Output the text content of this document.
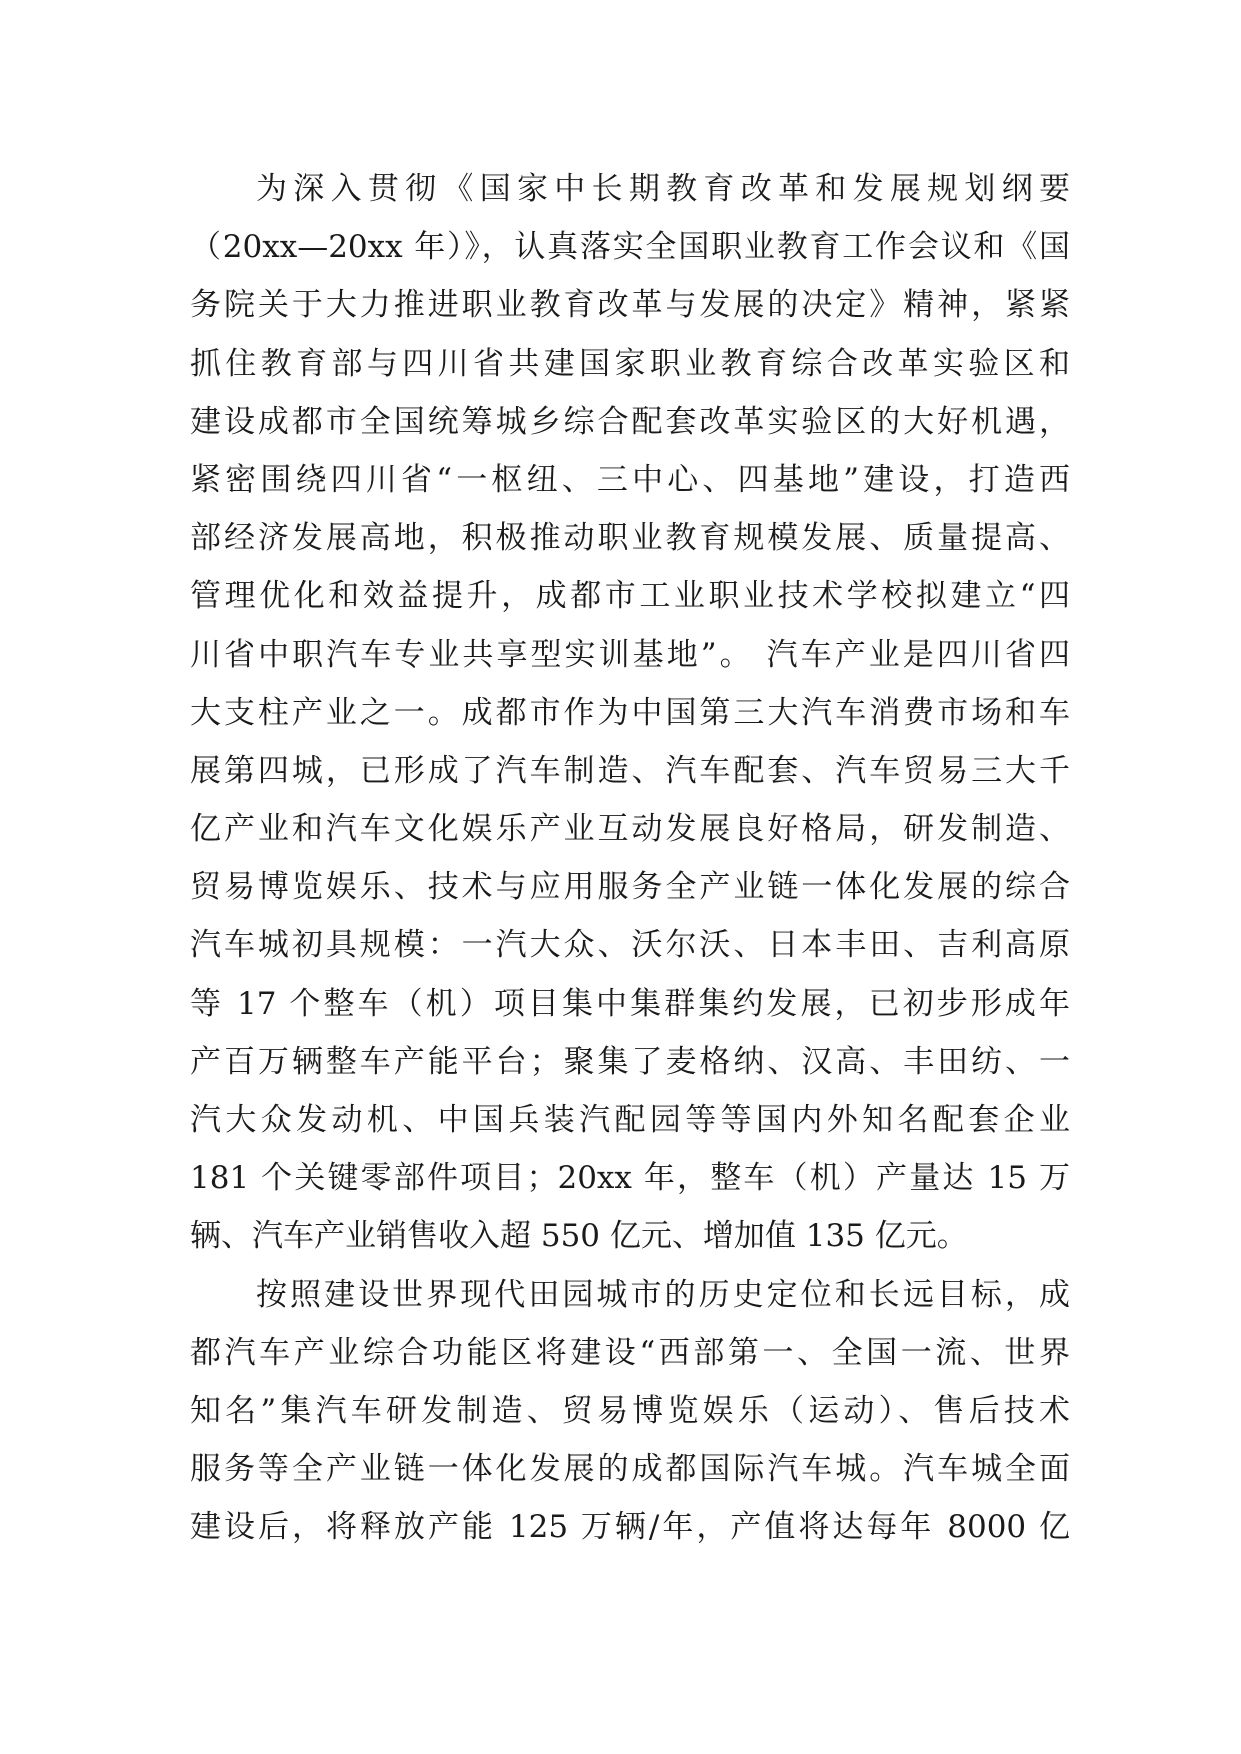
为深入贯彻《国家中长期教育改革和发展规划纲要
（20xx—20xx 年）》，认真落实全国职业教育工作会议和《国
务院关于大力推进职业教育改革与发展的决定》精神，紧紧
抓住教育部与四川省共建国家职业教育综合改革实验区和
建设成都市全国统筹城乡综合配套改革实验区的大好机遇，
紧密围绕四川省“一枢纽、三中心、四基地”建设，打造西
部经济发展高地，积极推动职业教育规模发展、质量提高、
管理优化和效益提升，成都市工业职业技术学校拟建立“四
川省中职汽车专业共享型实训基地”。 汽车产业是四川省四
大支柱产业之一。成都市作为中国第三大汽车消费市场和车
展第四城，已形成了汽车制造、汽车配套、汽车贸易三大千
亿产业和汽车文化娱乐产业互动发展良好格局，研发制造、
贸易博览娱乐、技术与应用服务全产业链一体化发展的综合
汽车城初具规模：一汽大众、沃尔沃、日本丰田、吉利高原
等 17 个整车（机）项目集中集群集约发展，已初步形成年
产百万辆整车产能平台；聚集了麦格纳、汉高、丰田纺、一
汽大众发动机、中国兵装汽配园等等国内外知名配套企业
181 个关键零部件项目；20xx 年，整车（机）产量达 15 万
辆、汽车产业销售收入超 550 亿元、增加值 135 亿元。
按照建设世界现代田园城市的历史定位和长远目标，成
都汽车产业综合功能区将建设“西部第一、全国一流、世界
知名”集汽车研发制造、贸易博览娱乐（运动）、售后技术
服务等全产业链一体化发展的成都国际汽车城。汽车城全面
建设后，将释放产能 125 万辆/年，产值将达每年 8000 亿
